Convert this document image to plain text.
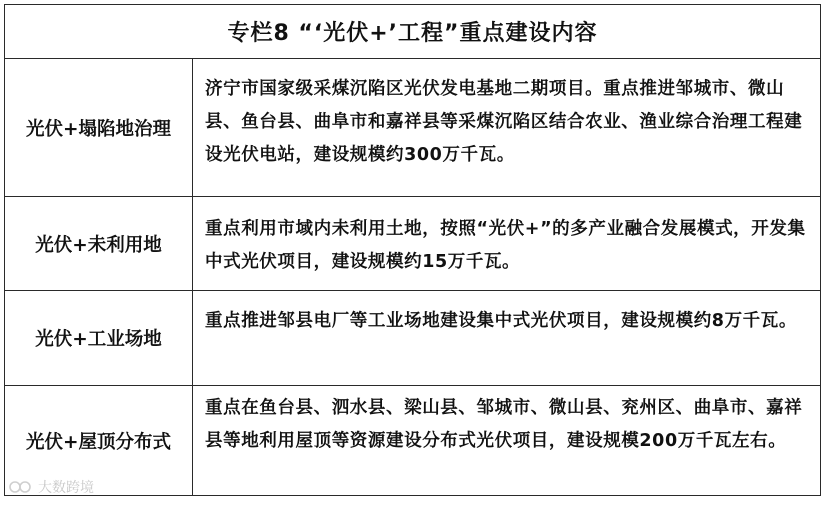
专栏8 “‘光伏+’工程”重点建设内容
光伏+塌陷地治理
济宁市国家级采煤沉陷区光伏发电基地二期项目。重点推进邹城市、微山县、鱼台县、曲阜市和嘉祥县等采煤沉陷区结合农业、渔业综合治理工程建设光伏电站，建设规模约300万千瓦。
光伏+未利用地
重点利用市域内未利用土地，按照“光伏+”的多产业融合发展模式，开发集中式光伏项目，建设规模约15万千瓦。
光伏+工业场地
重点推进邹县电厂等工业场地建设集中式光伏项目，建设规模约8万千瓦。
光伏+屋顶分布式
重点在鱼台县、泗水县、梁山县、邹城市、微山县、兖州区、曲阜市、嘉祥县等地利用屋顶等资源建设分布式光伏项目，建设规模200万千瓦左右。
大数跨境
